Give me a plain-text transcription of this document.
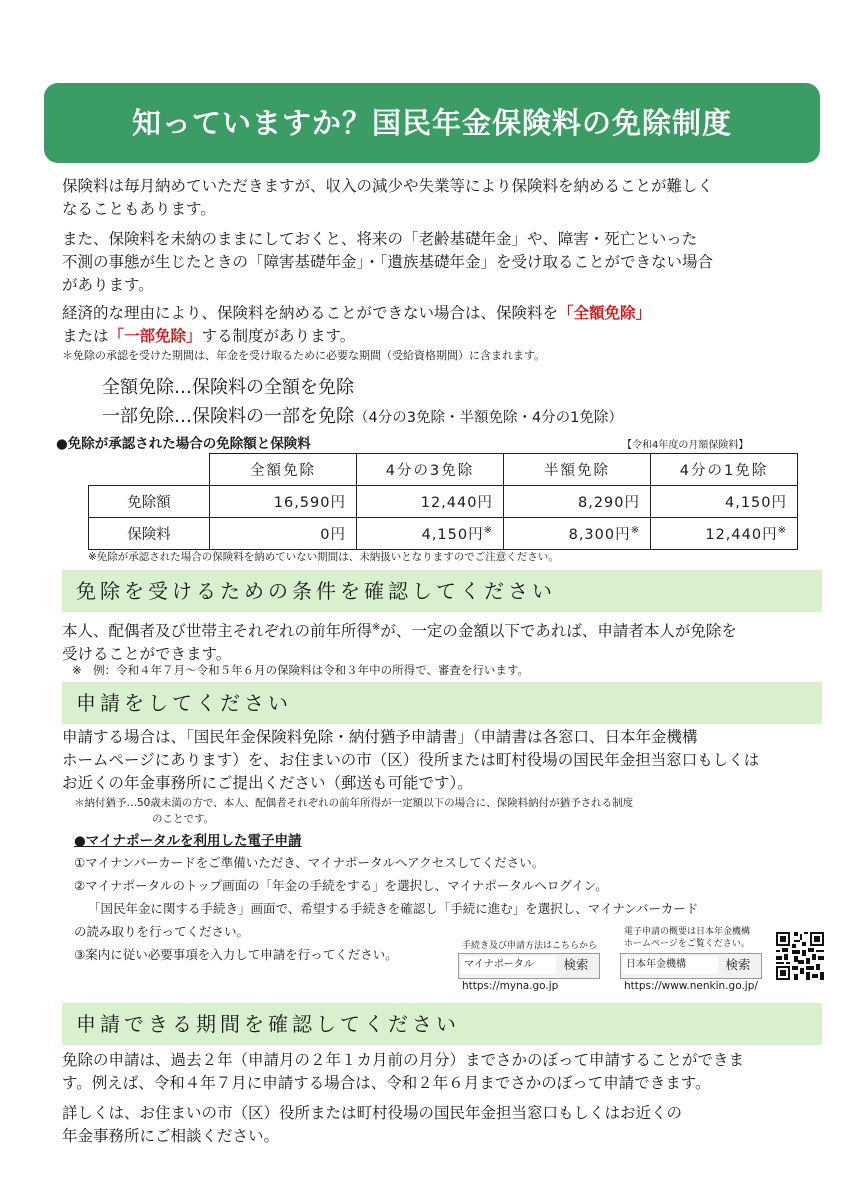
知っていますか？国民年金保険料の免除制度
保険料は毎月納めていただきますが、収入の減少や失業等により保険料を納めることが難しく
なることもあります。
また、保険料を未納のままにしておくと、将来の「老齢基礎年金」や、障害・死亡といった
不測の事態が生じたときの「障害基礎年金」・「遺族基礎年金」を受け取ることができない場合
があります。
経済的な理由により、保険料を納めることができない場合は、保険料を「全額免除」
または「一部免除」する制度があります。
＊免除の承認を受けた期間は、年金を受け取るために必要な期間（受給資格期間）に含まれます。
全額免除…保険料の全額を免除
一部免除…保険料の一部を免除（4分の3免除・半額免除・4分の1免除）
●免除が承認された場合の免除額と保険料	【令和4年度の月額保険料】
	全額免除	4分の3免除	半額免除	4分の1免除
免除額	16,590円	12,440円	8,290円	4,150円
保険料	0円	4,150円※	8,300円※	12,440円※
※免除が承認された場合の保険料を納めていない期間は、未納扱いとなりますのでご注意ください。
免除を受けるための条件を確認してください
本人、配偶者及び世帯主それぞれの前年所得※が、一定の金額以下であれば、申請者本人が免除を
受けることができます。
※　例：令和４年７月～令和５年６月の保険料は令和３年中の所得で、審査を行います。
申請をしてください
申請する場合は、「国民年金保険料免除・納付猶予申請書」（申請書は各窓口、日本年金機構
ホームページにあります）を、お住まいの市（区）役所または町村役場の国民年金担当窓口もしくは
お近くの年金事務所にご提出ください（郵送も可能です）。
＊納付猶予…50歳未満の方で、本人、配偶者それぞれの前年所得が一定額以下の場合に、保険料納付が猶予される制度
のことです。
●マイナポータルを利用した電子申請
①マイナンバーカードをご準備いただき、マイナポータルへアクセスしてください。
②マイナポータルのトップ画面の「年金の手続をする」を選択し、マイナポータルへログイン。
「国民年金に関する手続き」画面で、希望する手続きを確認し「手続に進む」を選択し、マイナンバーカード
の読み取りを行ってください。
③案内に従い必要事項を入力して申請を行ってください。
手続き及び申請方法はこちらから
マイナポータル	検索
https://myna.go.jp
電子申請の概要は日本年金機構
ホームページをご覧ください。
日本年金機構	検索
https://www.nenkin.go.jp/
申請できる期間を確認してください
免除の申請は、過去２年（申請月の２年１カ月前の月分）までさかのぼって申請することができま
す。例えば、令和４年７月に申請する場合は、令和２年６月までさかのぼって申請できます。
詳しくは、お住まいの市（区）役所または町村役場の国民年金担当窓口もしくはお近くの
年金事務所にご相談ください。
